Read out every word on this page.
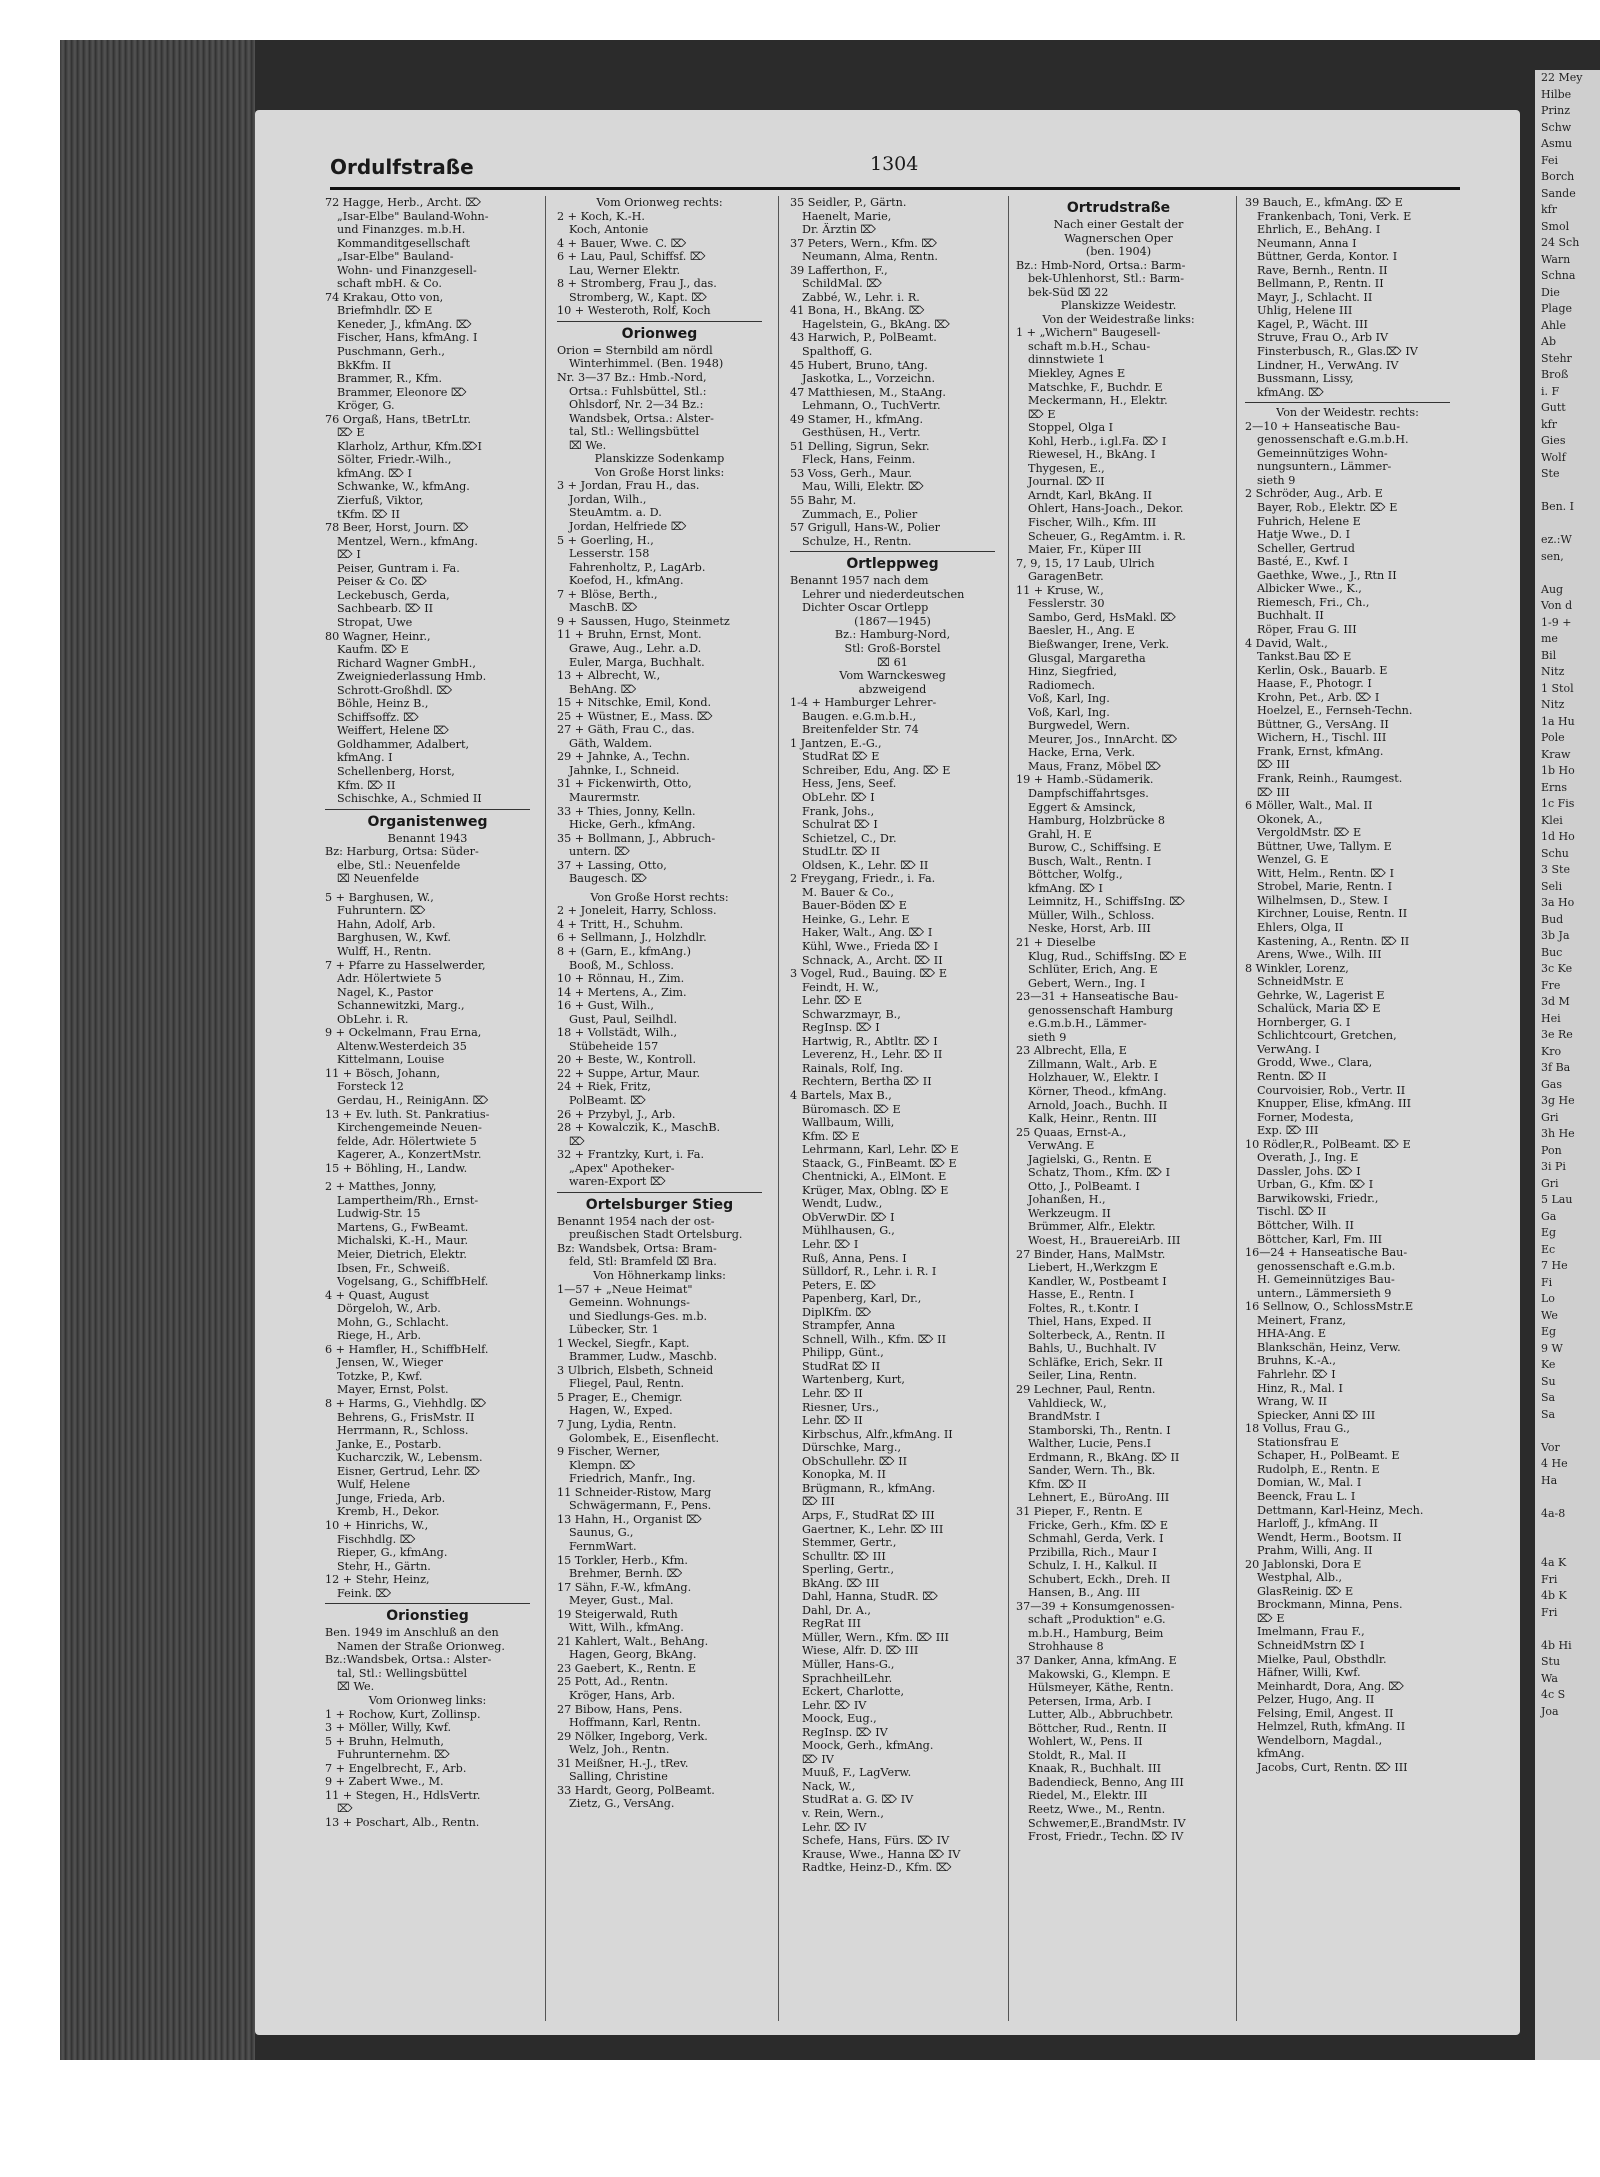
22 Mey
Hilbe
Prinz
Schw
Asmu
Fei
Borch
Sande
kfr
Smol
24 Sch
Warn
Schna
Die
Plage
Ahle
Ab
Stehr
Broß
i. F
Gutt
kfr
Gies
Wolf
Ste

Ben. I

ez.:W
sen,

Aug
Von d
1-9 +
me
Bil
Nitz
1 Stol
Nitz
1a Hu
Pole
Kraw
1b Ho
Erns
1c Fis
Klei
1d Ho
Schu
3 Ste
Seli
3a Ho
Bud
3b Ja
Buc
3c Ke
Fre
3d M
Hei
3e Re
Kro
3f Ba
Gas
3g He
Gri
3h He
Pon
3i Pi
Gri
5 Lau
Ga
Eg
Ec
7 He
Fi
Lo
We
Eg
9 W
Ke
Su
Sa
Sa

Vor
4 He
Ha

4a-8

4a K
Fri
4b K
Fri

4b Hi
Stu
Wa
4c S
Joa
Ordulfstraße	1304
72 Hagge, Herb., Archt. ⌦
„Isar-Elbe" Bauland-Wohn-
und Finanzges. m.b.H.
Kommanditgesellschaft
„Isar-Elbe" Bauland-
Wohn- und Finanzgesell-
schaft mbH. & Co.
74 Krakau, Otto von,
Briefmhdlr. ⌦ E
Keneder, J., kfmAng. ⌦
Fischer, Hans, kfmAng. I
Puschmann, Gerh.,
BkKfm. II
Brammer, R., Kfm.
Brammer, Eleonore ⌦
Kröger, G.
76 Orgaß, Hans, tBetrLtr.
⌦ E
Klarholz, Arthur, Kfm.⌦I
Sölter, Friedr.-Wilh.,
kfmAng. ⌦ I
Schwanke, W., kfmAng.
Zierfuß, Viktor,
tKfm. ⌦ II
78 Beer, Horst, Journ. ⌦
Mentzel, Wern., kfmAng.
⌦ I
Peiser, Guntram i. Fa.
Peiser & Co. ⌦
Leckebusch, Gerda,
Sachbearb. ⌦ II
Stropat, Uwe
80 Wagner, Heinr.,
Kaufm. ⌦ E
Richard Wagner GmbH.,
Zweigniederlassung Hmb.
Schrott-Großhdl. ⌦
Böhle, Heinz B.,
Schiffsoffz. ⌦
Weiffert, Helene ⌦
Goldhammer, Adalbert,
kfmAng. I
Schellenberg, Horst,
Kfm. ⌦ II
Schischke, A., Schmied II
Organistenweg
Benannt 1943
Bz: Harburg, Ortsa: Süder-
elbe, Stl.: Neuenfelde
⌧ Neuenfelde
5 + Barghusen, W.,
Fuhruntern. ⌦
Hahn, Adolf, Arb.
Barghusen, W., Kwf.
Wulff, H., Rentn.
7 + Pfarre zu Hasselwerder,
Adr. Hölertwiete 5
Nagel, K., Pastor
Schannewitzki, Marg.,
ObLehr. i. R.
9 + Ockelmann, Frau Erna,
Altenw.Westerdeich 35
Kittelmann, Louise
11 + Bösch, Johann,
Forsteck 12
Gerdau, H., ReinigAnn. ⌦
13 + Ev. luth. St. Pankratius-
Kirchengemeinde Neuen-
felde, Adr. Hölertwiete 5
Kagerer, A., KonzertMstr.
15 + Böhling, H., Landw.
2 + Matthes, Jonny,
Lampertheim/Rh., Ernst-
Ludwig-Str. 15
Martens, G., FwBeamt.
Michalski, K.-H., Maur.
Meier, Dietrich, Elektr.
Ibsen, Fr., Schweiß.
Vogelsang, G., SchiffbHelf.
4 + Quast, August
Dörgeloh, W., Arb.
Mohn, G., Schlacht.
Riege, H., Arb.
6 + Hamfler, H., SchiffbHelf.
Jensen, W., Wieger
Totzke, P., Kwf.
Mayer, Ernst, Polst.
8 + Harms, G., Viehhdlg. ⌦
Behrens, G., FrisMstr. II
Herrmann, R., Schloss.
Janke, E., Postarb.
Kucharczik, W., Lebensm.
Eisner, Gertrud, Lehr. ⌦
Wulf, Helene
Junge, Frieda, Arb.
Kremb, H., Dekor.
10 + Hinrichs, W.,
Fischhdlg. ⌦
Rieper, G., kfmAng.
Stehr, H., Gärtn.
12 + Stehr, Heinz,
Feink. ⌦
Orionstieg
Ben. 1949 im Anschluß an den
Namen der Straße Orionweg.
Bz.:Wandsbek, Ortsa.: Alster-
tal, Stl.: Wellingsbüttel
⌧ We.
Vom Orionweg links:
1 + Rochow, Kurt, Zollinsp.
3 + Möller, Willy, Kwf.
5 + Bruhn, Helmuth,
Fuhrunternehm. ⌦
7 + Engelbrecht, F., Arb.
9 + Zabert Wwe., M.
11 + Stegen, H., HdlsVertr.
⌦
13 + Poschart, Alb., Rentn.
Vom Orionweg rechts:
2 + Koch, K.-H.
Koch, Antonie
4 + Bauer, Wwe. C. ⌦
6 + Lau, Paul, Schiffsf. ⌦
Lau, Werner Elektr.
8 + Stromberg, Frau J., das.
Stromberg, W., Kapt. ⌦
10 + Westeroth, Rolf, Koch
Orionweg
Orion = Sternbild am nördl
Winterhimmel. (Ben. 1948)
Nr. 3—37 Bz.: Hmb.-Nord,
Ortsa.: Fuhlsbüttel, Stl.:
Ohlsdorf, Nr. 2—34 Bz.:
Wandsbek, Ortsa.: Alster-
tal, Stl.: Wellingsbüttel
⌧ We.
Planskizze Sodenkamp
Von Große Horst links:
3 + Jordan, Frau H., das.
Jordan, Wilh.,
SteuAmtm. a. D.
Jordan, Helfriede ⌦
5 + Goerling, H.,
Lesserstr. 158
Fahrenholtz, P., LagArb.
Koefod, H., kfmAng.
7 + Blöse, Berth.,
MaschB. ⌦
9 + Saussen, Hugo, Steinmetz
11 + Bruhn, Ernst, Mont.
Grawe, Aug., Lehr. a.D.
Euler, Marga, Buchhalt.
13 + Albrecht, W.,
BehAng. ⌦
15 + Nitschke, Emil, Kond.
25 + Wüstner, E., Mass. ⌦
27 + Gäth, Frau C., das.
Gäth, Waldem.
29 + Jahnke, A., Techn.
Jahnke, I., Schneid.
31 + Fickenwirth, Otto,
Maurermstr.
33 + Thies, Jonny, Kelln.
Hicke, Gerh., kfmAng.
35 + Bollmann, J., Abbruch-
untern. ⌦
37 + Lassing, Otto,
Baugesch. ⌦
Von Große Horst rechts:
2 + Joneleit, Harry, Schloss.
4 + Tritt, H., Schuhm.
6 + Sellmann, J., Holzhdlr.
8 + (Garn, E., kfmAng.)
Booß, M., Schloss.
10 + Rönnau, H., Zim.
14 + Mertens, A., Zim.
16 + Gust, Wilh.,
Gust, Paul, Seilhdl.
18 + Vollstädt, Wilh.,
Stübeheide 157
20 + Beste, W., Kontroll.
22 + Suppe, Artur, Maur.
24 + Riek, Fritz,
PolBeamt. ⌦
26 + Przybyl, J., Arb.
28 + Kowalczik, K., MaschB.
⌦
32 + Frantzky, Kurt, i. Fa.
„Apex" Apotheker-
waren-Export ⌦
Ortelsburger Stieg
Benannt 1954 nach der ost-
preußischen Stadt Ortelsburg.
Bz: Wandsbek, Ortsa: Bram-
feld, Stl: Bramfeld ⌧ Bra.
Von Höhnerkamp links:
1—57 + „Neue Heimat"
Gemeinn. Wohnungs-
und Siedlungs-Ges. m.b.
Lübecker, Str. 1
1 Weckel, Siegfr., Kapt.
Brammer, Ludw., Maschb.
3 Ulbrich, Elsbeth, Schneid
Fliegel, Paul, Rentn.
5 Prager, E., Chemigr.
Hagen, W., Exped.
7 Jung, Lydia, Rentn.
Golombek, E., Eisenflecht.
9 Fischer, Werner,
Klempn. ⌦
Friedrich, Manfr., Ing.
11 Schneider-Ristow, Marg
Schwägermann, F., Pens.
13 Hahn, H., Organist ⌦
Saunus, G.,
FernmWart.
15 Torkler, Herb., Kfm.
Brehmer, Bernh. ⌦
17 Sähn, F.-W., kfmAng.
Meyer, Gust., Mal.
19 Steigerwald, Ruth
Witt, Wilh., kfmAng.
21 Kahlert, Walt., BehAng.
Hagen, Georg, BkAng.
23 Gaebert, K., Rentn. E
25 Pott, Ad., Rentn.
Kröger, Hans, Arb.
27 Bibow, Hans, Pens.
Hoffmann, Karl, Rentn.
29 Nölker, Ingeborg, Verk.
Welz, Joh., Rentn.
31 Meißner, H.-J., tRev.
Salling, Christine
33 Hardt, Georg, PolBeamt.
Zietz, G., VersAng.
35 Seidler, P., Gärtn.
Haenelt, Marie,
Dr. Ärztin ⌦
37 Peters, Wern., Kfm. ⌦
Neumann, Alma, Rentn.
39 Lafferthon, F.,
SchildMal. ⌦
Zabbé, W., Lehr. i. R.
41 Bona, H., BkAng. ⌦
Hagelstein, G., BkAng. ⌦
43 Harwich, P., PolBeamt.
Spalthoff, G.
45 Hubert, Bruno, tAng.
Jaskotka, L., Vorzeichn.
47 Matthiesen, M., StaAng.
Lehmann, O., TuchVertr.
49 Stamer, H., kfmAng.
Gesthüsen, H., Vertr.
51 Delling, Sigrun, Sekr.
Fleck, Hans, Feinm.
53 Voss, Gerh., Maur.
Mau, Willi, Elektr. ⌦
55 Bahr, M.
Zummach, E., Polier
57 Grigull, Hans-W., Polier
Schulze, H., Rentn.
Ortleppweg
Benannt 1957 nach dem
Lehrer und niederdeutschen
Dichter Oscar Ortlepp
(1867—1945)
Bz.: Hamburg-Nord,
Stl: Groß-Borstel
⌧ 61
Vom Warnckesweg
abzweigend
1-4 + Hamburger Lehrer-
Baugen. e.G.m.b.H.,
Breitenfelder Str. 74
1 Jantzen, E.-G.,
StudRat ⌦ E
Schreiber, Edu, Ang. ⌦ E
Hess, Jens, Seef.
ObLehr. ⌦ I
Frank, Johs.,
Schulrat ⌦ I
Schietzel, C., Dr.
StudLtr. ⌦ II
Oldsen, K., Lehr. ⌦ II
2 Freygang, Friedr., i. Fa.
M. Bauer & Co.,
Bauer-Böden ⌦ E
Heinke, G., Lehr. E
Haker, Walt., Ang. ⌦ I
Kühl, Wwe., Frieda ⌦ I
Schnack, A., Archt. ⌦ II
3 Vogel, Rud., Bauing. ⌦ E
Feindt, H. W.,
Lehr. ⌦ E
Schwarzmayr, B.,
RegInsp. ⌦ I
Hartwig, R., Abtltr. ⌦ I
Leverenz, H., Lehr. ⌦ II
Rainals, Rolf, Ing.
Rechtern, Bertha ⌦ II
4 Bartels, Max B.,
Büromasch. ⌦ E
Wallbaum, Willi,
Kfm. ⌦ E
Lehrmann, Karl, Lehr. ⌦ E
Staack, G., FinBeamt. ⌦ E
Chentnicki, A., ElMont. E
Krüger, Max, Oblng. ⌦ E
Wendt, Ludw.,
ObVerwDir. ⌦ I
Mühlhausen, G.,
Lehr. ⌦ I
Ruß, Anna, Pens. I
Sülldorf, R., Lehr. i. R. I
Peters, E. ⌦
Papenberg, Karl, Dr.,
DiplKfm. ⌦
Strampfer, Anna
Schnell, Wilh., Kfm. ⌦ II
Philipp, Günt.,
StudRat ⌦ II
Wartenberg, Kurt,
Lehr. ⌦ II
Riesner, Urs.,
Lehr. ⌦ II
Kirbschus, Alfr.,kfmAng. II
Dürschke, Marg.,
ObSchullehr. ⌦ II
Konopka, M. II
Brügmann, R., kfmAng.
⌦ III
Arps, F., StudRat ⌦ III
Gaertner, K., Lehr. ⌦ III
Stemmer, Gertr.,
Schulltr. ⌦ III
Sperling, Gertr.,
BkAng. ⌦ III
Dahl, Hanna, StudR. ⌦
Dahl, Dr. A.,
RegRat III
Müller, Wern., Kfm. ⌦ III
Wiese, Alfr. D. ⌦ III
Müller, Hans-G.,
SprachheilLehr.
Eckert, Charlotte,
Lehr. ⌦ IV
Moock, Eug.,
RegInsp. ⌦ IV
Moock, Gerh., kfmAng.
⌦ IV
Muuß, F., LagVerw.
Nack, W.,
StudRat a. G. ⌦ IV
v. Rein, Wern.,
Lehr. ⌦ IV
Schefe, Hans, Fürs. ⌦ IV
Krause, Wwe., Hanna ⌦ IV
Radtke, Heinz-D., Kfm. ⌦
Ortrudstraße
Nach einer Gestalt der
Wagnerschen Oper
(ben. 1904)
Bz.: Hmb-Nord, Ortsa.: Barm-
bek-Uhlenhorst, Stl.: Barm-
bek-Süd ⌧ 22
Planskizze Weidestr.
Von der Weidestraße links:
1 + „Wichern" Baugesell-
schaft m.b.H., Schau-
dinnstwiete 1
Miekley, Agnes E
Matschke, F., Buchdr. E
Meckermann, H., Elektr.
⌦ E
Stoppel, Olga I
Kohl, Herb., i.gl.Fa. ⌦ I
Riewesel, H., BkAng. I
Thygesen, E.,
Journal. ⌦ II
Arndt, Karl, BkAng. II
Ohlert, Hans-Joach., Dekor.
Fischer, Wilh., Kfm. III
Scheuer, G., RegAmtm. i. R.
Maier, Fr., Küper III
7, 9, 15, 17 Laub, Ulrich
GaragenBetr.
11 + Kruse, W.,
Fesslerstr. 30
Sambo, Gerd, HsMakl. ⌦
Baesler, H., Ang. E
Bießwanger, Irene, Verk.
Glusgal, Margaretha
Hinz, Siegfried,
Radiomech.
Voß, Karl, Ing.
Voß, Karl, Ing.
Burgwedel, Wern.
Meurer, Jos., InnArcht. ⌦
Hacke, Erna, Verk.
Maus, Franz, Möbel ⌦
19 + Hamb.-Südamerik.
Dampfschiffahrtsges.
Eggert & Amsinck,
Hamburg, Holzbrücke 8
Grahl, H. E
Burow, C., Schiffsing. E
Busch, Walt., Rentn. I
Böttcher, Wolfg.,
kfmAng. ⌦ I
Leimnitz, H., SchiffsIng. ⌦
Müller, Wilh., Schloss.
Neske, Horst, Arb. III
21 + Dieselbe
Klug, Rud., SchiffsIng. ⌦ E
Schlüter, Erich, Ang. E
Gebert, Wern., Ing. I
23—31 + Hanseatische Bau-
genossenschaft Hamburg
e.G.m.b.H., Lämmer-
sieth 9
23 Albrecht, Ella, E
Zillmann, Walt., Arb. E
Holzhauer, W., Elektr. I
Körner, Theod., kfmAng.
Arnold, Joach., Buchh. II
Kalk, Heinr., Rentn. III
25 Quaas, Ernst-A.,
VerwAng. E
Jagielski, G., Rentn. E
Schatz, Thom., Kfm. ⌦ I
Otto, J., PolBeamt. I
Johanßen, H.,
Werkzeugm. II
Brümmer, Alfr., Elektr.
Woest, H., BrauereiArb. III
27 Binder, Hans, MalMstr.
Liebert, H.,Werkzgm E
Kandler, W., Postbeamt I
Hasse, E., Rentn. I
Foltes, R., t.Kontr. I
Thiel, Hans, Exped. II
Solterbeck, A., Rentn. II
Bahls, U., Buchhalt. IV
Schläfke, Erich, Sekr. II
Seiler, Lina, Rentn.
29 Lechner, Paul, Rentn.
Vahldieck, W.,
BrandMstr. I
Stamborski, Th., Rentn. I
Walther, Lucie, Pens.I
Erdmann, R., BkAng. ⌦ II
Sander, Wern. Th., Bk.
Kfm. ⌦ II
Lehnert, E., BüroAng. III
31 Pieper, F., Rentn. E
Fricke, Gerh., Kfm. ⌦ E
Schmahl, Gerda, Verk. I
Przibilla, Rich., Maur I
Schulz, I. H., Kalkul. II
Schubert, Eckh., Dreh. II
Hansen, B., Ang. III
37—39 + Konsumgenossen-
schaft „Produktion" e.G.
m.b.H., Hamburg, Beim
Strohhause 8
37 Danker, Anna, kfmAng. E
Makowski, G., Klempn. E
Hülsmeyer, Käthe, Rentn.
Petersen, Irma, Arb. I
Lutter, Alb., Abbruchbetr.
Böttcher, Rud., Rentn. II
Wohlert, W., Pens. II
Stoldt, R., Mal. II
Knaak, R., Buchhalt. III
Badendieck, Benno, Ang III
Riedel, M., Elektr. III
Reetz, Wwe., M., Rentn.
Schwemer,E.,BrandMstr. IV
Frost, Friedr., Techn. ⌦ IV
39 Bauch, E., kfmAng. ⌦ E
Frankenbach, Toni, Verk. E
Ehrlich, E., BehAng. I
Neumann, Anna I
Büttner, Gerda, Kontor. I
Rave, Bernh., Rentn. II
Bellmann, P., Rentn. II
Mayr, J., Schlacht. II
Uhlig, Helene III
Kagel, P., Wächt. III
Struve, Frau O., Arb IV
Finsterbusch, R., Glas.⌦ IV
Lindner, H., VerwAng. IV
Bussmann, Lissy,
kfmAng. ⌦
Von der Weidestr. rechts:
2—10 + Hanseatische Bau-
genossenschaft e.G.m.b.H.
Gemeinnütziges Wohn-
nungsuntern., Lämmer-
sieth 9
2 Schröder, Aug., Arb. E
Bayer, Rob., Elektr. ⌦ E
Fuhrich, Helene E
Hatje Wwe., D. I
Scheller, Gertrud
Basté, E., Kwf. I
Gaethke, Wwe., J., Rtn II
Albicker Wwe., K.,
Riemesch, Fri., Ch.,
Buchhalt. II
Röper, Frau G. III
4 David, Walt.,
Tankst.Bau ⌦ E
Kerlin, Osk., Bauarb. E
Haase, F., Photogr. I
Krohn, Pet., Arb. ⌦ I
Hoelzel, E., Fernseh-Techn.
Büttner, G., VersAng. II
Wichern, H., Tischl. III
Frank, Ernst, kfmAng.
⌦ III
Frank, Reinh., Raumgest.
⌦ III
6 Möller, Walt., Mal. II
Okonek, A.,
VergoldMstr. ⌦ E
Büttner, Uwe, Tallym. E
Wenzel, G. E
Witt, Helm., Rentn. ⌦ I
Strobel, Marie, Rentn. I
Wilhelmsen, D., Stew. I
Kirchner, Louise, Rentn. II
Ehlers, Olga, II
Kastening, A., Rentn. ⌦ II
Arens, Wwe., Wilh. III
8 Winkler, Lorenz,
SchneidMstr. E
Gehrke, W., Lagerist E
Schalück, Maria ⌦ E
Hornberger, G. I
Schlichtcourt, Gretchen,
VerwAng. I
Grodd, Wwe., Clara,
Rentn. ⌦ II
Courvoisier, Rob., Vertr. II
Knupper, Elise, kfmAng. III
Forner, Modesta,
Exp. ⌦ III
10 Rödler,R., PolBeamt. ⌦ E
Overath, J., Ing. E
Dassler, Johs. ⌦ I
Urban, G., Kfm. ⌦ I
Barwikowski, Friedr.,
Tischl. ⌦ II
Böttcher, Wilh. II
Böttcher, Karl, Fm. III
16—24 + Hanseatische Bau-
genossenschaft e.G.m.b.
H. Gemeinnütziges Bau-
untern., Lämmersieth 9
16 Sellnow, O., SchlossMstr.E
Meinert, Franz,
HHA-Ang. E
Blankschän, Heinz, Verw.
Bruhns, K.-A.,
Fahrlehr. ⌦ I
Hinz, R., Mal. I
Wrang, W. II
Spiecker, Anni ⌦ III
18 Vollus, Frau G.,
Stationsfrau E
Schaper, H., PolBeamt. E
Rudolph, E., Rentn. E
Domian, W., Mal. I
Beenck, Frau L. I
Dettmann, Karl-Heinz, Mech.
Harloff, J., kfmAng. II
Wendt, Herm., Bootsm. II
Prahm, Willi, Ang. II
20 Jablonski, Dora E
Westphal, Alb.,
GlasReinig. ⌦ E
Brockmann, Minna, Pens.
⌦ E
Imelmann, Frau F.,
SchneidMstrn ⌦ I
Mielke, Paul, Obsthdlr.
Häfner, Willi, Kwf.
Meinhardt, Dora, Ang. ⌦
Pelzer, Hugo, Ang. II
Felsing, Emil, Angest. II
Helmzel, Ruth, kfmAng. II
Wendelborn, Magdal.,
kfmAng.
Jacobs, Curt, Rentn. ⌦ III
